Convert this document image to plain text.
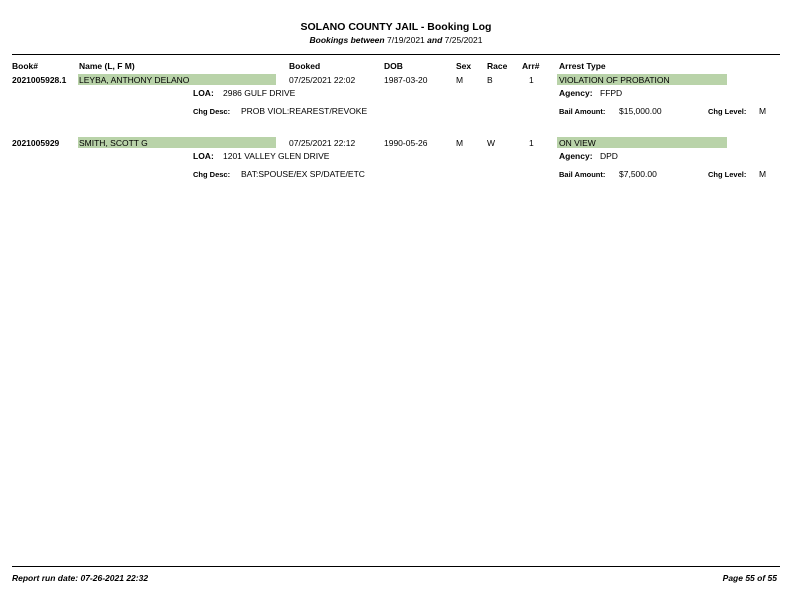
SOLANO COUNTY JAIL - Booking Log
Bookings between 7/19/2021 and 7/25/2021
Book#	Name (L, F M)	Booked	DOB	Sex Race Arr# Arrest Type
2021005928.1 LEYBA, ANTHONY DELANO	07/25/2021 22:02	1987-03-20	M	B	1	VIOLATION OF PROBATION
LOA: 2986 GULF DRIVE	Agency: FFPD
Chg Desc: PROB VIOL:REAREST/REVOKE	Bail Amount: $15,000.00	Chg Level: M
2021005929 SMITH, SCOTT G	07/25/2021 22:12	1990-05-26	M	W	1	ON VIEW
LOA: 1201 VALLEY GLEN DRIVE	Agency: DPD
Chg Desc: BAT:SPOUSE/EX SP/DATE/ETC	Bail Amount: $7,500.00	Chg Level: M
Report run date: 07-26-2021 22:32	Page 55 of 55
